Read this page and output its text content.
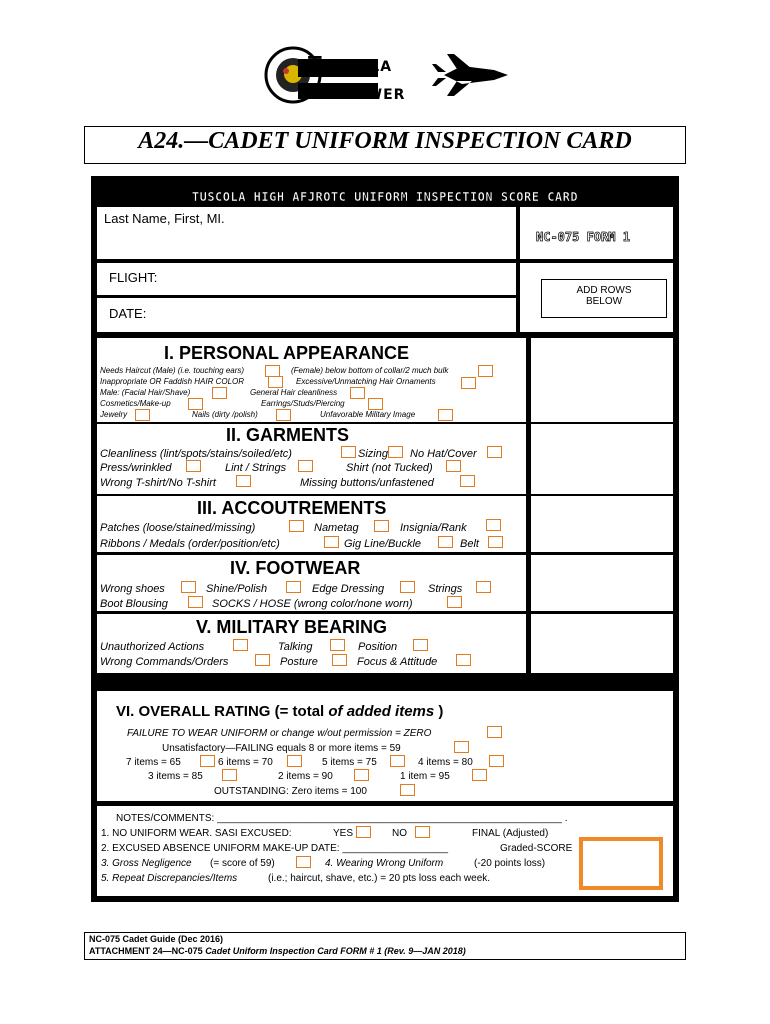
Tuscola
Airpower
A24.—CADET UNIFORM INSPECTION CARD
TUSCOLA HIGH AFJROTC UNIFORM INSPECTION SCORE CARD
Last Name, First, MI.
NC-075 FORM 1
FLIGHT:
DATE:
ADD ROWS
BELOW
I. PERSONAL APPEARANCE
Needs Haircut (Male) (i.e. touching ears)	(Female) below bottom of collar/2 much bulk
Inappropriate OR Faddish HAIR COLOR	Excessive/Unmatching Hair Ornaments
Male: (Facial Hair/Shave)	General Hair cleanliness
Cosmetics/Make-up	Earrings/Studs/Piercing
Jewelry	Nails (dirty /polish)	Unfavorable Military Image
II. GARMENTS
Cleanliness (lint/spots/stains/soiled/etc)	Sizing No Hat/Cover
Press/wrinkled	Lint / Strings	Shirt (not Tucked)
Wrong T-shirt/No T-shirt	Missing buttons/unfastened
III. ACCOUTREMENTS
Patches (loose/stained/missing)	Nametag	Insignia/Rank
Ribbons / Medals (order/position/etc)	Gig Line/Buckle	Belt
IV. FOOTWEAR
Wrong shoes	Shine/Polish	Edge Dressing	Strings
Boot Blousing	SOCKS / HOSE (wrong color/none worn)
V. MILITARY BEARING
Unauthorized Actions	Talking	Position
Wrong Commands/Orders	Posture	Focus & Attitude
VI. OVERALL RATING (= total of added items )
FAILURE TO WEAR UNIFORM or change w/out permission = ZERO
Unsatisfactory—FAILING equals 8 or more items = 59
7 items = 65	6 items = 70	5 items = 75	4 items = 80
3 items = 85	2 items = 90	1 item = 95
OUTSTANDING: Zero items = 100
NOTES/COMMENTS: ______________________________________________________________ .
1. NO UNIFORM WEAR. SASI EXCUSED:	YES	NO	FINAL (Adjusted)
2. EXCUSED ABSENCE UNIFORM MAKE-UP DATE: ___________________	Graded-SCORE
3. Gross Negligence (= score of 59)	4. Wearing Wrong Uniform	(-20 points loss)
5. Repeat Discrepancies/Items	(i.e.; haircut, shave, etc.) = 20 pts loss each week.
NC-075 Cadet Guide (Dec 2016)
ATTACHMENT 24—NC-075 Cadet Uniform Inspection Card FORM # 1 (Rev. 9—JAN 2018)
